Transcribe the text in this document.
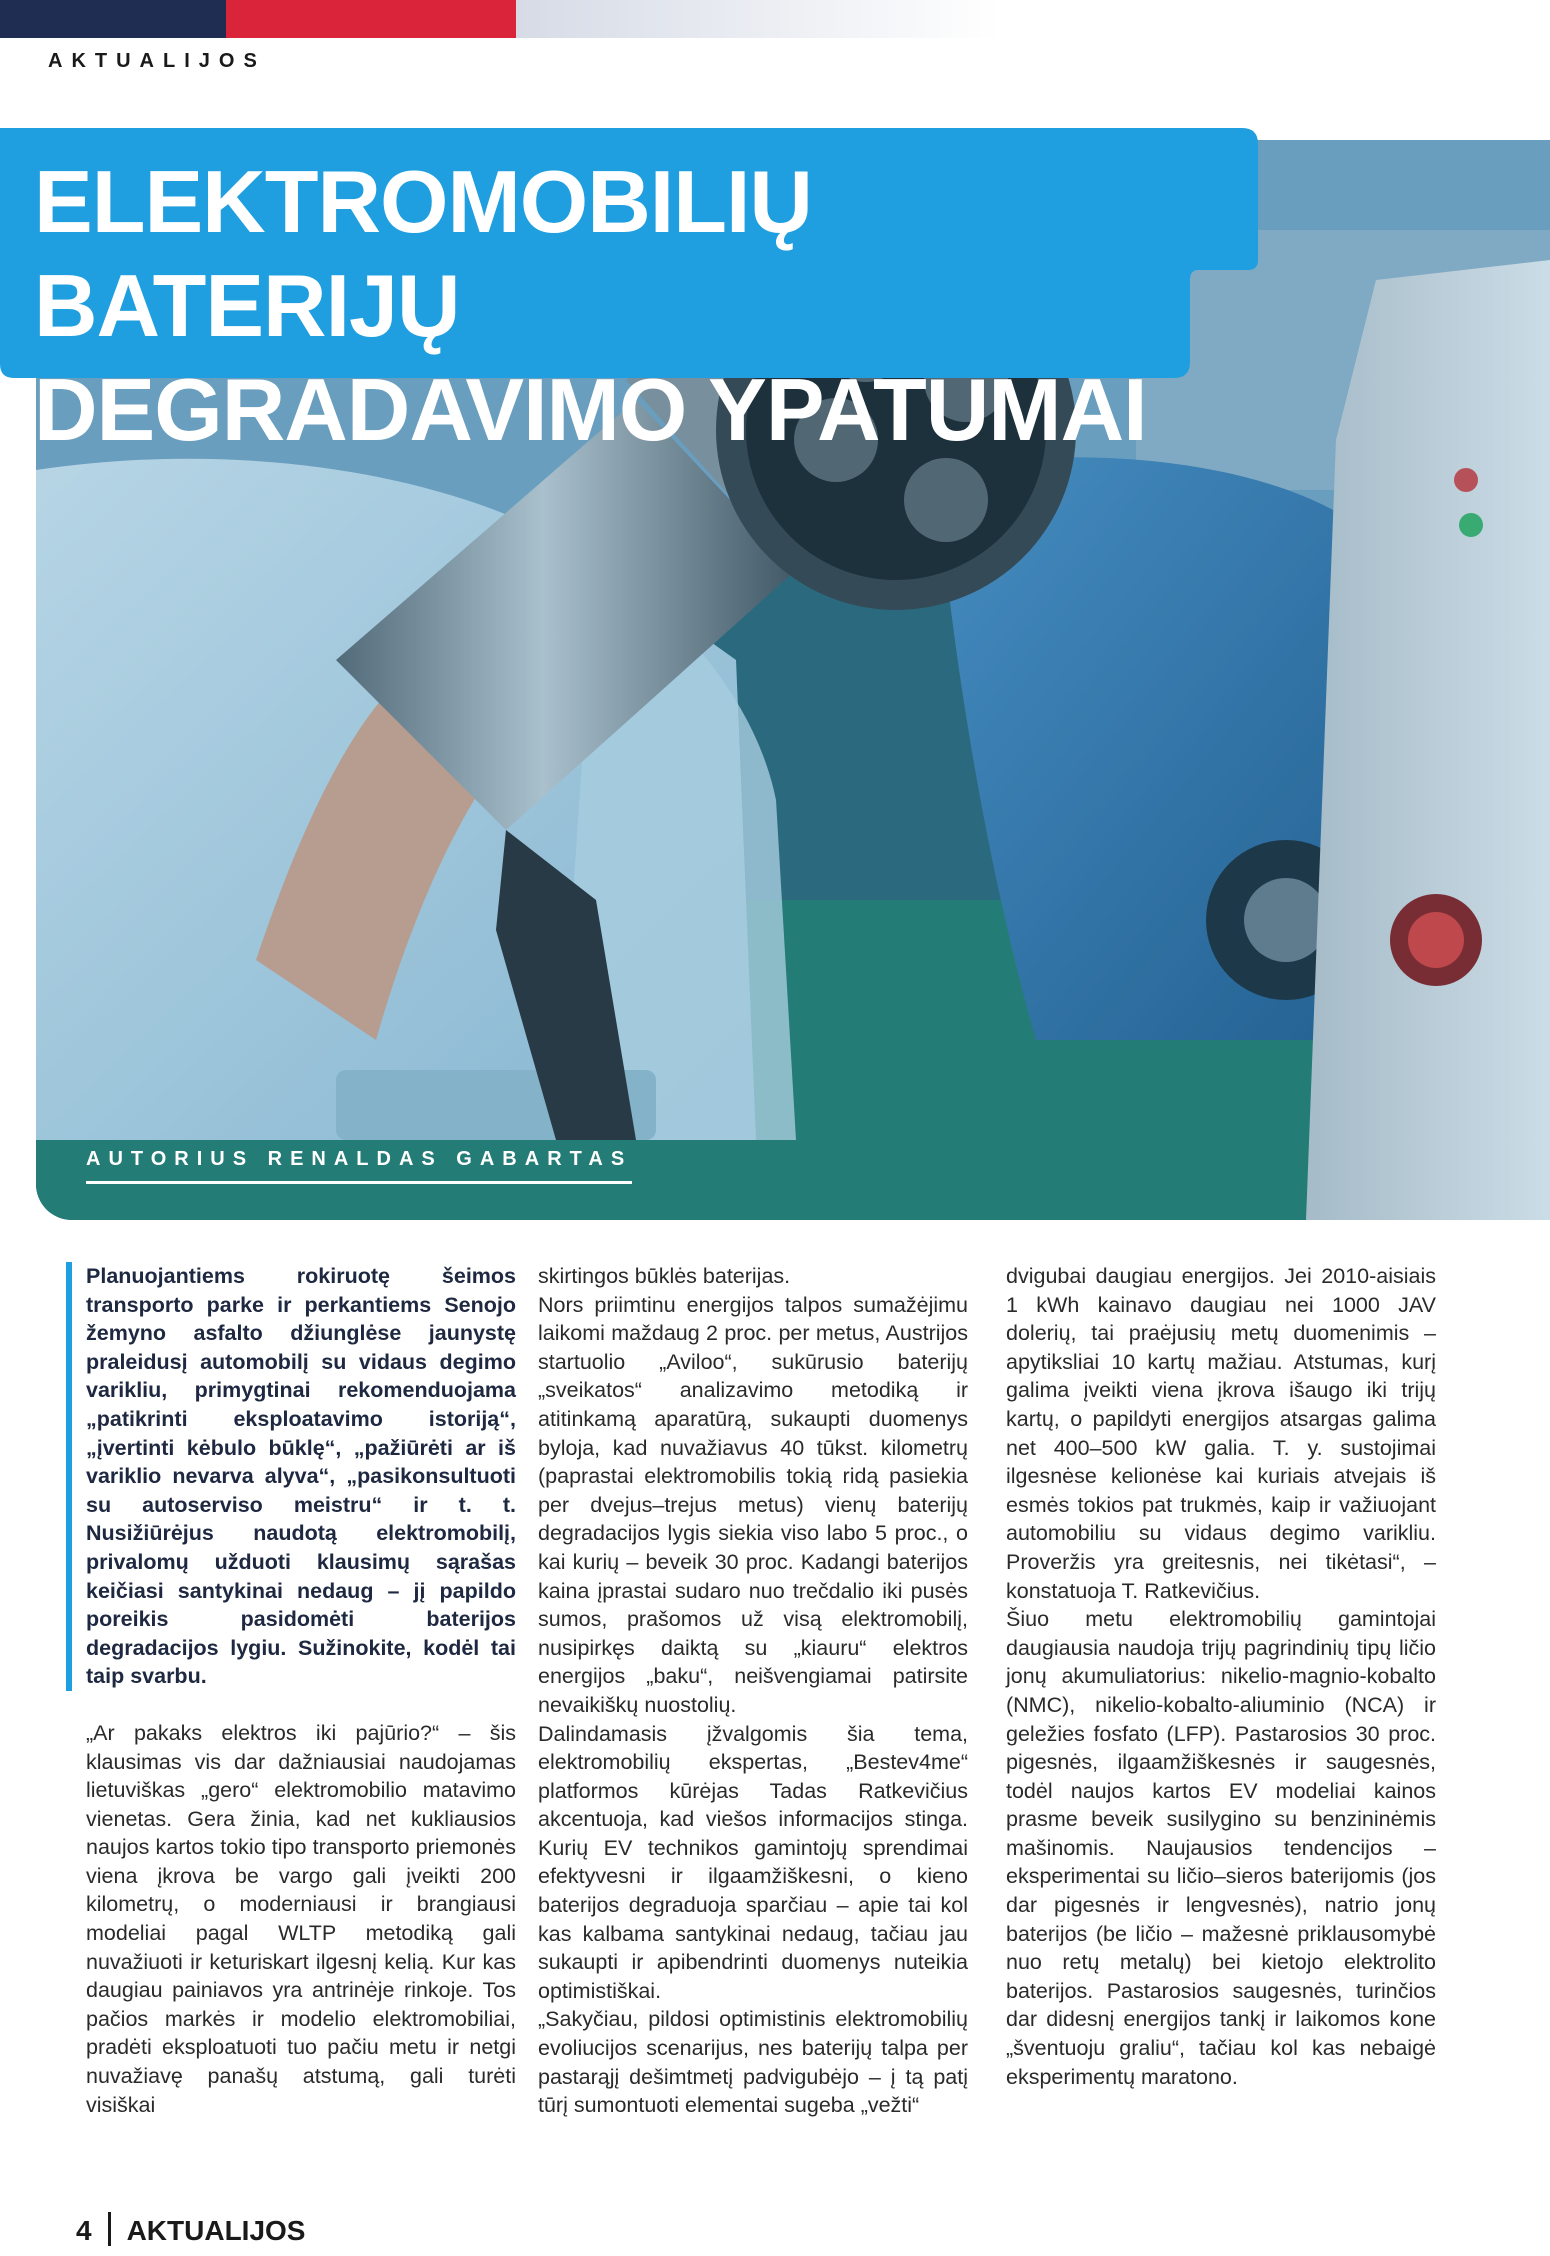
AKTUALIJOS
ELEKTROMOBILIŲ BATERIJŲ
DEGRADAVIMO YPATUMAI
AUTORIUS RENALDAS GABARTAS

Planuojantiems rokiruotę šeimos transporto parke ir perkantiems Senojo žemyno asfalto džiunglėse jaunystę praleidusį automobilį su vidaus degimo varikliu, primygtinai rekomenduojama „patikrinti eksploatavimo istoriją“, „įvertinti kėbulo būklę“, „pažiūrėti ar iš variklio nevarva alyva“, „pasikonsultuoti su autoserviso meistru“ ir t. t. Nusižiūrėjus naudotą elektromobilį, privalomų užduoti klausimų sąrašas keičiasi santykinai nedaug – jį papildo poreikis pasidomėti baterijos degradacijos lygiu. Sužinokite, kodėl tai taip svarbu.

„Ar pakaks elektros iki pajūrio?“ – šis klausimas vis dar dažniausiai naudojamas lietuviškas „gero“ elektromobilio matavimo vienetas. Gera žinia, kad net kukliausios naujos kartos tokio tipo transporto priemonės viena įkrova be vargo gali įveikti 200 kilometrų, o moderniausi ir brangiausi modeliai pagal WLTP metodiką gali nuvažiuoti ir keturiskart ilgesnį kelią. Kur kas daugiau painiavos yra antrinėje rinkoje. Tos pačios markės ir modelio elektromobiliai, pradėti eksploatuoti tuo pačiu metu ir netgi nuvažiavę panašų atstumą, gali turėti visiškai

skirtingos būklės baterijas.

Nors priimtinu energijos talpos sumažėjimu laikomi maždaug 2 proc. per metus, Austrijos startuolio „Aviloo“, sukūrusio baterijų „sveikatos“ analizavimo metodiką ir atitinkamą aparatūrą, sukaupti duomenys byloja, kad nuvažiavus 40 tūkst. kilometrų (paprastai elektromobilis tokią ridą pasiekia per dvejus–trejus metus) vienų baterijų degradacijos lygis siekia viso labo 5 proc., o kai kurių – beveik 30 proc. Kadangi baterijos kaina įprastai sudaro nuo trečdalio iki pusės sumos, prašomos už visą elektromobilį, nusipirkęs daiktą su „kiauru“ elektros energijos „baku“, neišvengiamai patirsite nevaikiškų nuostolių.

Dalindamasis įžvalgomis šia tema, elektromobilių ekspertas, „Bestev4me“ platformos kūrėjas Tadas Ratkevičius akcentuoja, kad viešos informacijos stinga. Kurių EV technikos gamintojų sprendimai efektyvesni ir ilgaamžiškesni, o kieno baterijos degraduoja sparčiau – apie tai kol kas kalbama santykinai nedaug, tačiau jau sukaupti ir apibendrinti duomenys nuteikia optimistiškai.

„Sakyčiau, pildosi optimistinis elektromobilių evoliucijos scenarijus, nes baterijų talpa per pastarąjį dešimtmetį padvigubėjo – į tą patį tūrį sumontuoti elementai sugeba „vežti“

dvigubai daugiau energijos. Jei 2010-aisiais 1 kWh kainavo daugiau nei 1000 JAV dolerių, tai praėjusių metų duomenimis – apytiksliai 10 kartų mažiau. Atstumas, kurį galima įveikti viena įkrova išaugo iki trijų kartų, o papildyti energijos atsargas galima net 400–500 kW galia. T. y. sustojimai ilgesnėse kelionėse kai kuriais atvejais iš esmės tokios pat trukmės, kaip ir važiuojant automobiliu su vidaus degimo varikliu. Proveržis yra greitesnis, nei tikėtasi“, – konstatuoja T. Ratkevičius.

Šiuo metu elektromobilių gamintojai daugiausia naudoja trijų pagrindinių tipų ličio jonų akumuliatorius: nikelio-magnio-kobalto (NMC), nikelio-kobalto-aliuminio (NCA) ir geležies fosfato (LFP). Pastarosios 30 proc. pigesnės, ilgaamžiškesnės ir saugesnės, todėl naujos kartos EV modeliai kainos prasme beveik susilygino su benzininėmis mašinomis. Naujausios tendencijos – eksperimentai su ličio–sieros baterijomis (jos dar pigesnės ir lengvesnės), natrio jonų baterijos (be ličio – mažesnė priklausomybė nuo retų metalų) bei kietojo elektrolito baterijos. Pastarosios saugesnės, turinčios dar didesnį energijos tankį ir laikomos kone „šventuoju graliu“, tačiau kol kas nebaigė eksperimentų maratono.

4 AKTUALIJOS
